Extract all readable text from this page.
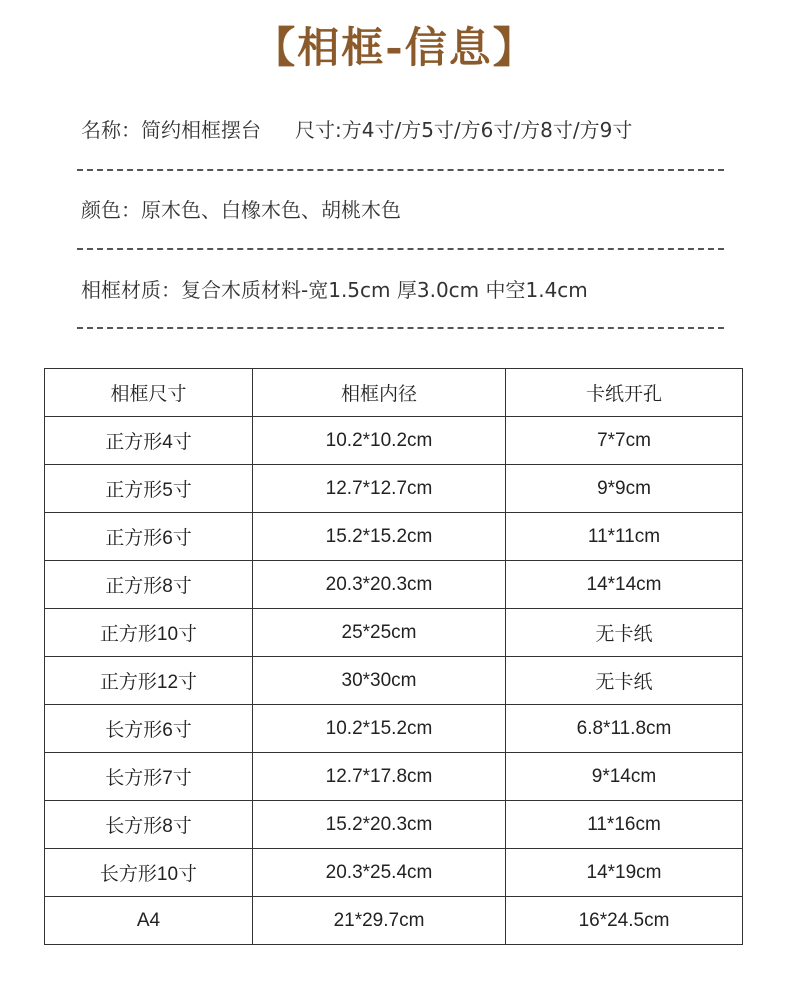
【相框-信息】
名称：简约相框摆台 尺寸:方4寸/方5寸/方6寸/方8寸/方9寸
颜色：原木色、白橡木色、胡桃木色
相框材质：复合木质材料-宽1.5cm 厚3.0cm 中空1.4cm
相框尺寸	相框内径	卡纸开孔
正方形4寸	10.2*10.2cm	7*7cm
正方形5寸	12.7*12.7cm	9*9cm
正方形6寸	15.2*15.2cm	11*11cm
正方形8寸	20.3*20.3cm	14*14cm
正方形10寸	25*25cm	无卡纸
正方形12寸	30*30cm	无卡纸
长方形6寸	10.2*15.2cm	6.8*11.8cm
长方形7寸	12.7*17.8cm	9*14cm
长方形8寸	15.2*20.3cm	11*16cm
长方形10寸	20.3*25.4cm	14*19cm
A4	21*29.7cm	16*24.5cm
